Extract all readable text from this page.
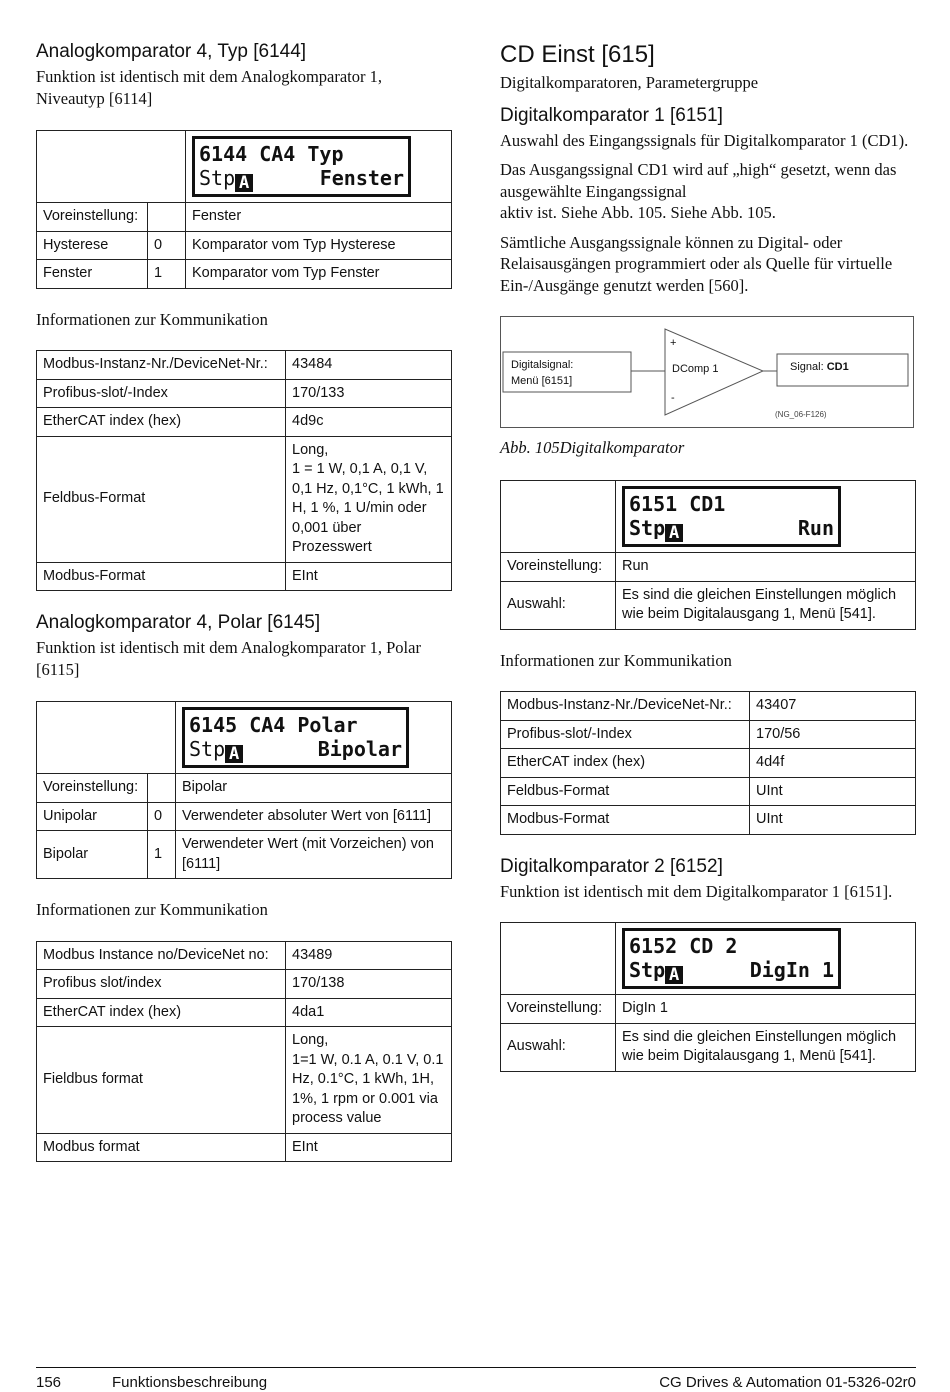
Analogkomparator 4, Typ [6144]

Funktion ist identisch mit dem Analogkomparator 1, Niveautyp [6114]

		6144 CA4 Typ
Stp A Fenster

Voreinstellung:		Fenster
Hysterese	0	Komparator vom Typ Hysterese
Fenster	1	Komparator vom Typ Fenster

Informationen zur Kommunikation

Modbus-Instanz-Nr./DeviceNet-Nr.:	43484
Profibus-slot/-Index	170/133
EtherCAT index (hex)	4d9c
Feldbus-Format	Long,
1 = 1 W, 0,1 A, 0,1 V, 0,1 Hz, 0,1°C, 1 kWh, 1 H, 1 %, 1 U/min oder 0,001 über Prozesswert
Modbus-Format	EInt
Analogkomparator 4, Polar [6145]

Funktion ist identisch mit dem Analogkomparator 1, Polar [6115]

		6145 CA4 Polar
Stp A Bipolar

Voreinstellung:		Bipolar
Unipolar	0	Verwendeter absoluter Wert von [6111]
Bipolar	1	Verwendeter Wert (mit Vorzeichen) von [6111]

Informationen zur Kommunikation

Modbus Instance no/DeviceNet no:	43489
Profibus slot/index	170/138
EtherCAT index (hex)	4da1
Fieldbus format	Long,
1=1 W, 0.1 A, 0.1 V, 0.1 Hz, 0.1°C, 1 kWh, 1H, 1%, 1 rpm or 0.001 via process value
Modbus format	EInt
CD Einst [615]

Digitalkomparatoren, Parametergruppe

Digitalkomparator 1 [6151]

Auswahl des Eingangssignals für Digitalkomparator 1 (CD1).

Das Ausgangssignal CD1 wird auf „high“ gesetzt, wenn das ausgewählte Eingangssignal
aktiv ist. Siehe Abb. 105. Siehe Abb. 105.

Sämtliche Ausgangssignale können zu Digital- oder Relaisausgängen programmiert oder als Quelle für virtuelle Ein-/Ausgänge genutzt werden [560].

Digitalsignal:
Menü [6151]
+
-
DComp 1	Signal: CD1
(NG_06-F126)

Abb. 105Digitalkomparator

	6151 CD1
Stp A Run

Voreinstellung:	Run
Auswahl:	Es sind die gleichen Einstellungen möglich wie beim Digitalausgang 1, Menü [541].

Informationen zur Kommunikation

Modbus-Instanz-Nr./DeviceNet-Nr.:	43407
Profibus-slot/-Index	170/56
EtherCAT index (hex)	4d4f
Feldbus-Format	UInt
Modbus-Format	UInt
Digitalkomparator 2 [6152]

Funktion ist identisch mit dem Digitalkomparator 1 [6151].

	6152 CD 2
Stp A DigIn 1

Voreinstellung:	DigIn 1
Auswahl:	Es sind die gleichen Einstellungen möglich wie beim Digitalausgang 1, Menü [541].
156	Funktionsbeschreibung	CG Drives & Automation 01-5326-02r0
